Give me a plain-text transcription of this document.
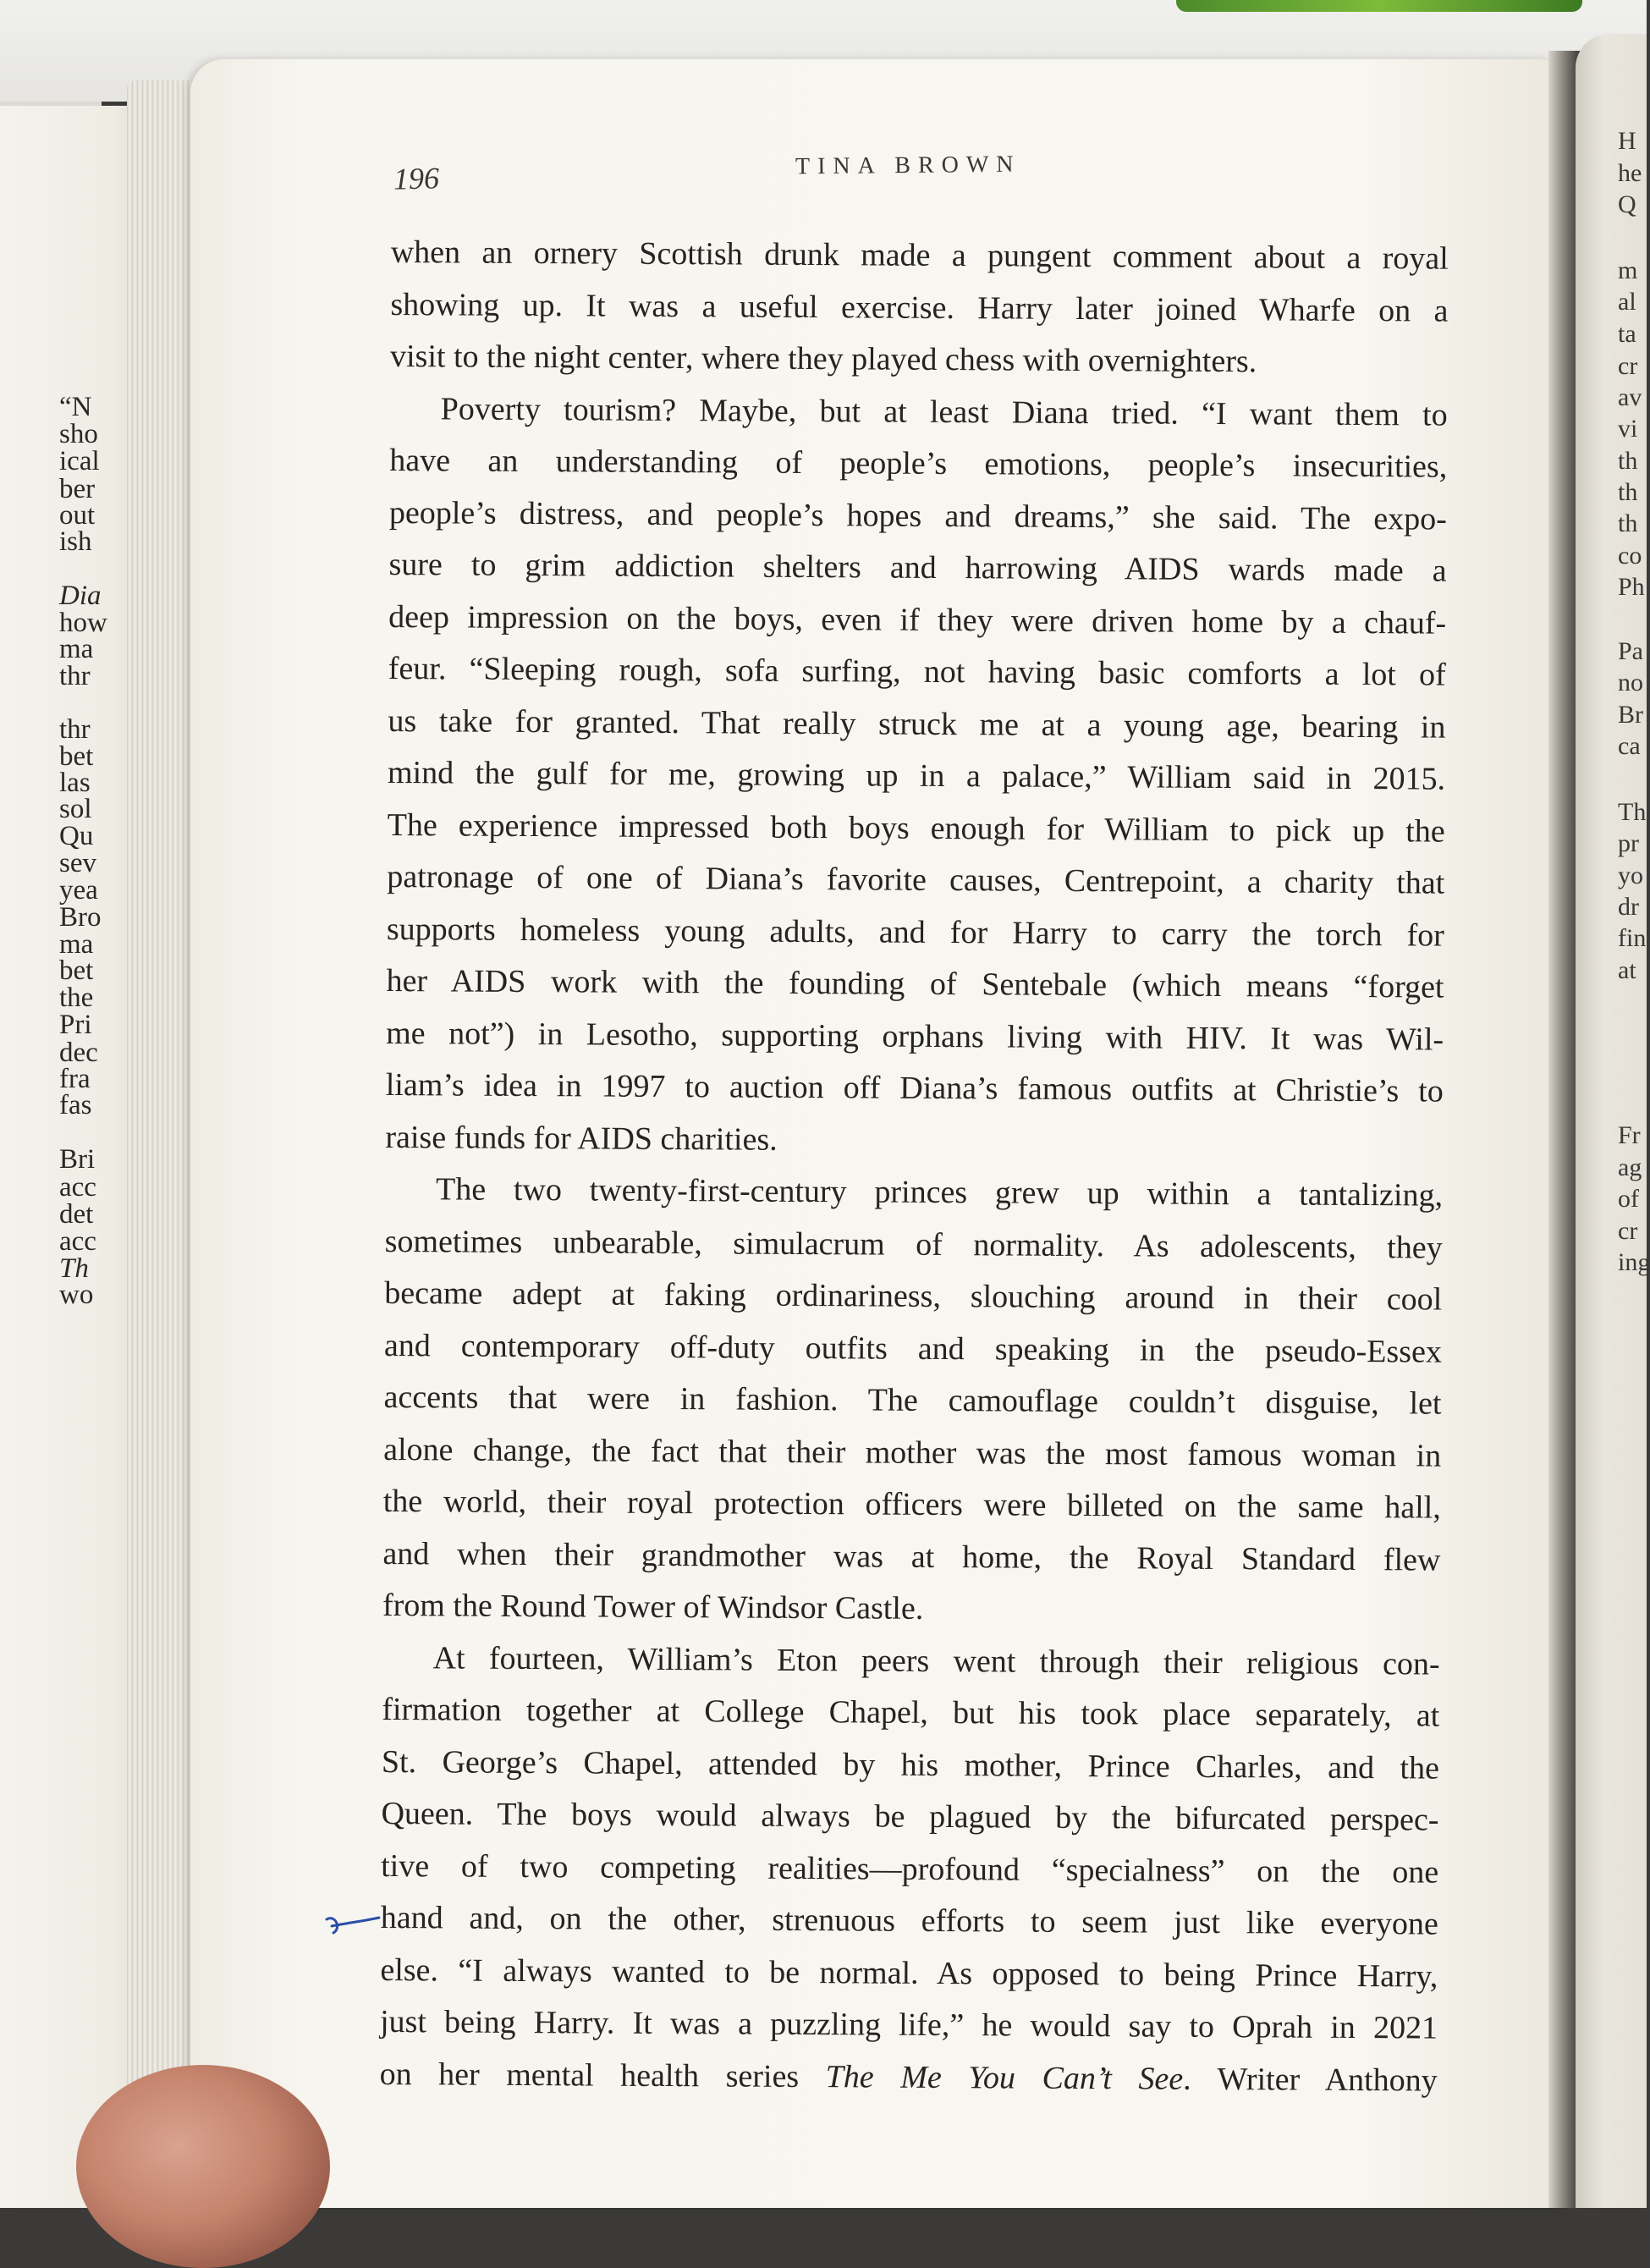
“N
sho
ical
ber
out
ish
Dia
how
ma
thr
thr
bet
las
sol
Qu
sev
yea
Bro
ma
bet
the
Pri
dec
fra
fas
Bri
acc
det
acc
Th
wo
H
he
Q
m
al
ta
cr
av
vi
th
th
th
co
Ph
Pa
no
Br
ca
Th
pr
yo
dr
fin
at
Fr
ag
of
cr
ing
196	TINA BROWN
when an ornery Scottish drunk made a pungent comment about a royal
showing up. It was a useful exercise. Harry later joined Wharfe on a
visit to the night center, where they played chess with overnighters.
Poverty tourism? Maybe, but at least Diana tried. “I want them to
have an understanding of people’s emotions, people’s insecurities,
people’s distress, and people’s hopes and dreams,” she said. The expo-
sure to grim addiction shelters and harrowing AIDS wards made a
deep impression on the boys, even if they were driven home by a chauf-
feur. “Sleeping rough, sofa surfing, not having basic comforts a lot of
us take for granted. That really struck me at a young age, bearing in
mind the gulf for me, growing up in a palace,” William said in 2015.
The experience impressed both boys enough for William to pick up the
patronage of one of Diana’s favorite causes, Centrepoint, a charity that
supports homeless young adults, and for Harry to carry the torch for
her AIDS work with the founding of Sentebale (which means “forget
me not”) in Lesotho, supporting orphans living with HIV. It was Wil-
liam’s idea in 1997 to auction off Diana’s famous outfits at Christie’s to
raise funds for AIDS charities.
The two twenty-first-century princes grew up within a tantalizing,
sometimes unbearable, simulacrum of normality. As adolescents, they
became adept at faking ordinariness, slouching around in their cool
and contemporary off-duty outfits and speaking in the pseudo-Essex
accents that were in fashion. The camouflage couldn’t disguise, let
alone change, the fact that their mother was the most famous woman in
the world, their royal protection officers were billeted on the same hall,
and when their grandmother was at home, the Royal Standard flew
from the Round Tower of Windsor Castle.
At fourteen, William’s Eton peers went through their religious con-
firmation together at College Chapel, but his took place separately, at
St. George’s Chapel, attended by his mother, Prince Charles, and the
Queen. The boys would always be plagued by the bifurcated perspec-
tive of two competing realities—profound “specialness” on the one
hand and, on the other, strenuous efforts to seem just like everyone
else. “I always wanted to be normal. As opposed to being Prince Harry,
just being Harry. It was a puzzling life,” he would say to Oprah in 2021
on her mental health series The Me You Can’t See. Writer Anthony
